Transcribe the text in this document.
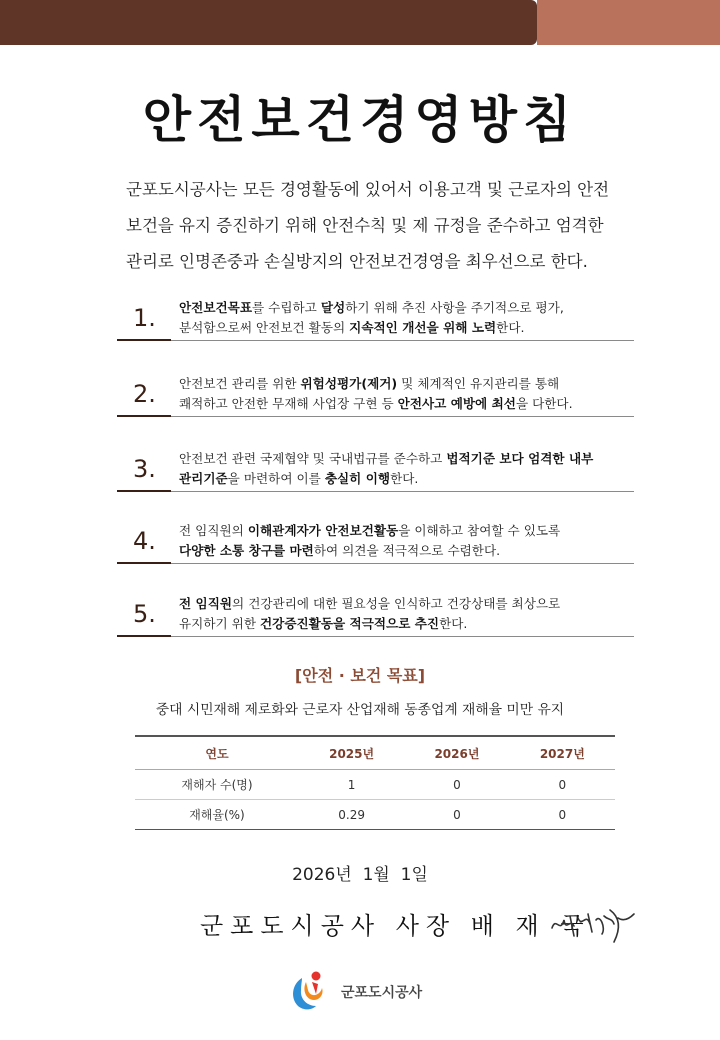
안전보건경영방침
군포도시공사는 모든 경영활동에 있어서 이용고객 및 근로자의 안전
보건을 유지 증진하기 위해 안전수칙 및 제 규정을 준수하고 엄격한
관리로 인명존중과 손실방지의 안전보건경영을 최우선으로 한다.
1. 안전보건목표를 수립하고 달성하기 위해 추진 사항을 주기적으로 평가,
분석함으로써 안전보건 활동의 지속적인 개선을 위해 노력한다.
2. 안전보건 관리를 위한 위험성평가(제거) 및 체계적인 유지관리를 통해
쾌적하고 안전한 무재해 사업장 구현 등 안전사고 예방에 최선을 다한다.
3. 안전보건 관련 국제협약 및 국내법규를 준수하고 법적기준 보다 엄격한 내부
관리기준을 마련하여 이를 충실히 이행한다.
4. 전 임직원의 이해관계자가 안전보건활동을 이해하고 참여할 수 있도록
다양한 소통 창구를 마련하여 의견을 적극적으로 수렴한다.
5. 전 임직원의 건강관리에 대한 필요성을 인식하고 건강상태를 최상으로
유지하기 위한 건강증진활동을 적극적으로 추진한다.
[안전 · 보건 목표]
중대 시민재해 제로화와 근로자 산업재해 동종업계 재해율 미만 유지
연도	2025년	2026년	2027년
재해자 수(명)	1	0	0
재해율(%)	0.29	0	0
2026년  1월  1일
군포도시공사 사장 배 재 국
군포도시공사
